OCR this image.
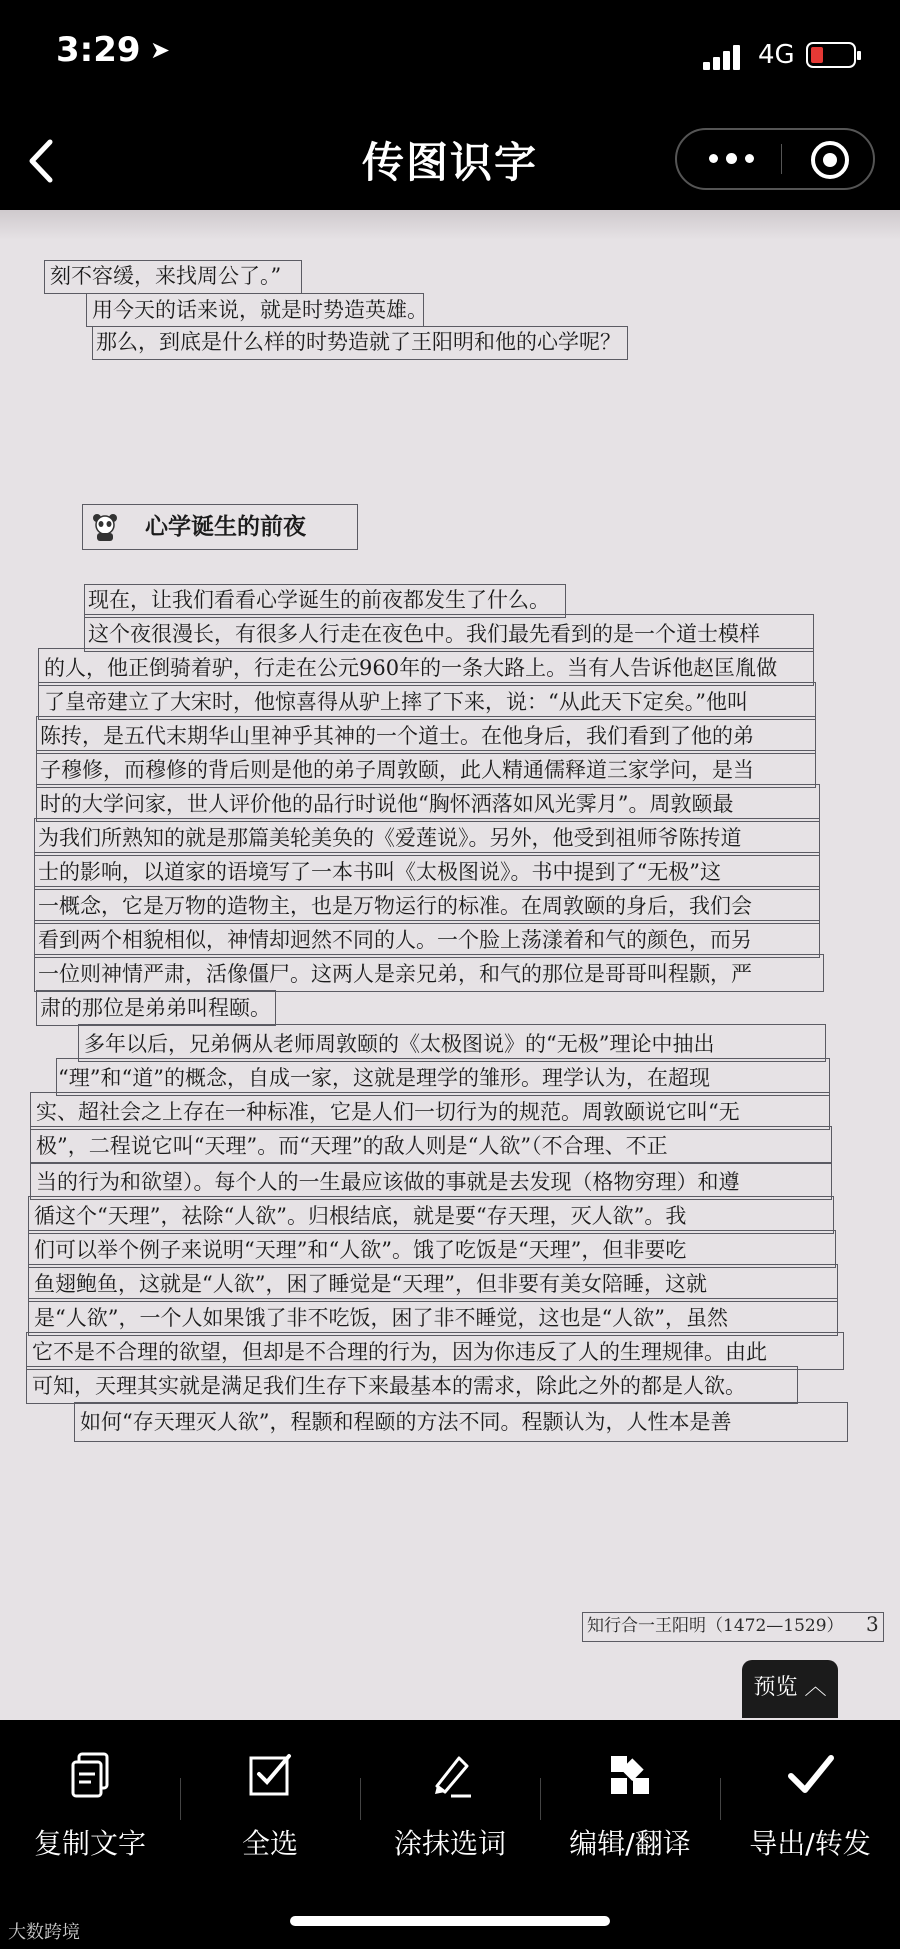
3:29 ➤	4G
传图识字
刻不容缓，来找周公了。”
用今天的话来说，就是时势造英雄。
那么，到底是什么样的时势造就了王阳明和他的心学呢？
心学诞生的前夜
现在，让我们看看心学诞生的前夜都发生了什么。
这个夜很漫长，有很多人行走在夜色中。我们最先看到的是一个道士模样
的人，他正倒骑着驴，行走在公元960年的一条大路上。当有人告诉他赵匡胤做
了皇帝建立了大宋时，他惊喜得从驴上摔了下来，说：“从此天下定矣。”他叫
陈抟，是五代末期华山里神乎其神的一个道士。在他身后，我们看到了他的弟
子穆修，而穆修的背后则是他的弟子周敦颐，此人精通儒释道三家学问，是当
时的大学问家，世人评价他的品行时说他“胸怀洒落如风光霁月”。周敦颐最
为我们所熟知的就是那篇美轮美奂的《爱莲说》。另外，他受到祖师爷陈抟道
士的影响，以道家的语境写了一本书叫《太极图说》。书中提到了“无极”这
一概念，它是万物的造物主，也是万物运行的标准。在周敦颐的身后，我们会
看到两个相貌相似，神情却迥然不同的人。一个脸上荡漾着和气的颜色，而另
一位则神情严肃，活像僵尸。这两人是亲兄弟，和气的那位是哥哥叫程颢，严
肃的那位是弟弟叫程颐。
多年以后，兄弟俩从老师周敦颐的《太极图说》的“无极”理论中抽出
“理”和“道”的概念，自成一家，这就是理学的雏形。理学认为，在超现
实、超社会之上存在一种标准，它是人们一切行为的规范。周敦颐说它叫“无
极”，二程说它叫“天理”。而“天理”的敌人则是“人欲”（不合理、不正
当的行为和欲望）。每个人的一生最应该做的事就是去发现（格物穷理）和遵
循这个“天理”，祛除“人欲”。归根结底，就是要“存天理，灭人欲”。我
们可以举个例子来说明“天理”和“人欲”。饿了吃饭是“天理”，但非要吃
鱼翅鲍鱼，这就是“人欲”，困了睡觉是“天理”，但非要有美女陪睡，这就
是“人欲”，一个人如果饿了非不吃饭，困了非不睡觉，这也是“人欲”，虽然
它不是不合理的欲望，但却是不合理的行为，因为你违反了人的生理规律。由此
可知，天理其实就是满足我们生存下来最基本的需求，除此之外的都是人欲。
如何“存天理灭人欲”，程颢和程颐的方法不同。程颢认为，人性本是善
知行合一王阳明（1472—1529）	3
预览 ︿
复制文字	全选	涂抹选词	编辑/翻译	导出/转发
大数跨境
